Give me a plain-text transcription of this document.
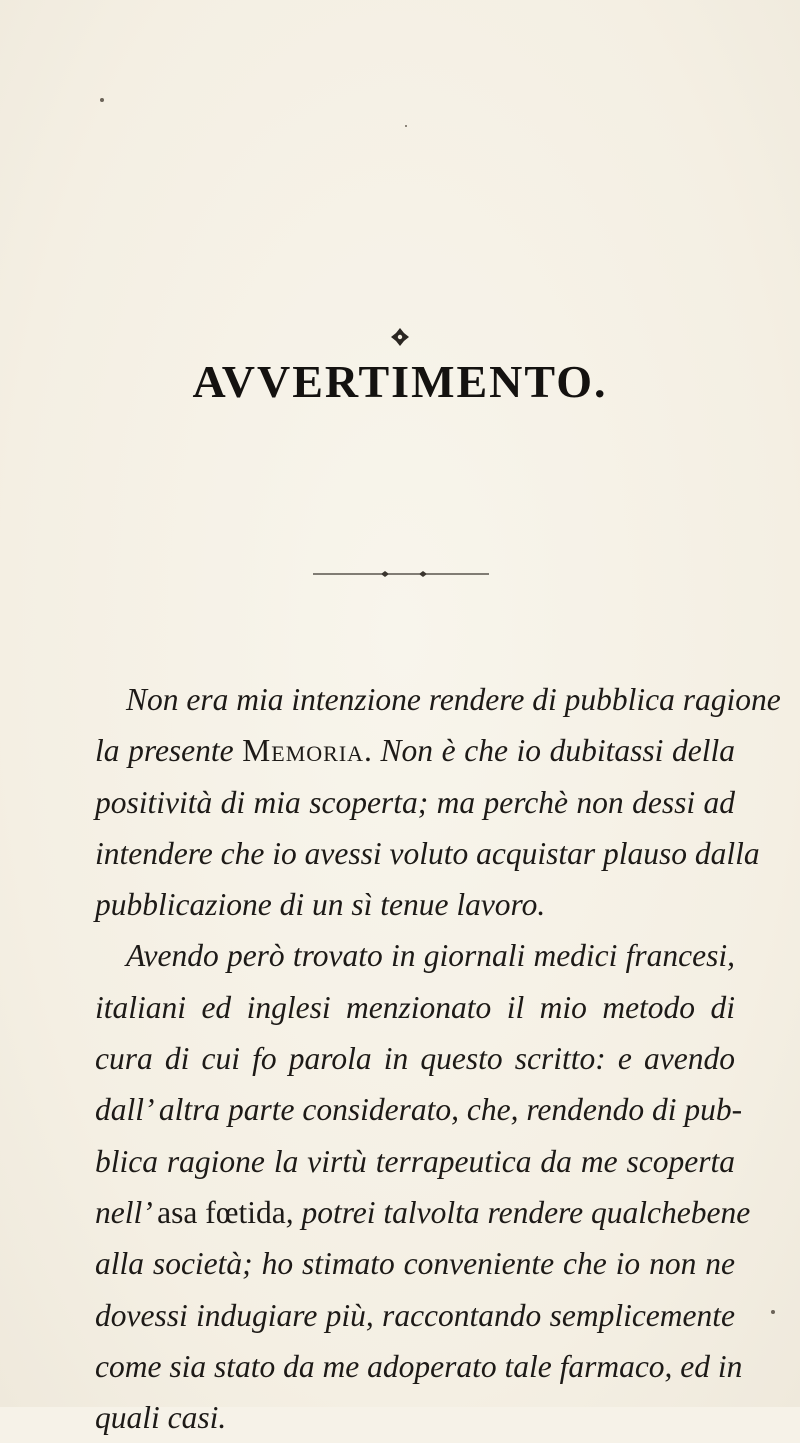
AVVERTIMENTO.
Non era mia intenzione rendere di pubblica ragione
la presente Memoria. Non è che io dubitassi della
positività di mia scoperta; ma perchè non dessi ad
intendere che io avessi voluto acquistar plauso dalla
pubblicazione di un sì tenue lavoro.
Avendo però trovato in giornali medici francesi,
italiani ed inglesi menzionato il mio metodo di
cura di cui fo parola in questo scritto: e avendo
dall’ altra parte considerato, che, rendendo di pub-
blica ragione la virtù terrapeutica da me scoperta
nell’ asa fœtida, potrei talvolta rendere qualchebene
alla società; ho stimato conveniente che io non ne
dovessi indugiare più, raccontando semplicemente
come sia stato da me adoperato tale farmaco, ed in
quali casi.
